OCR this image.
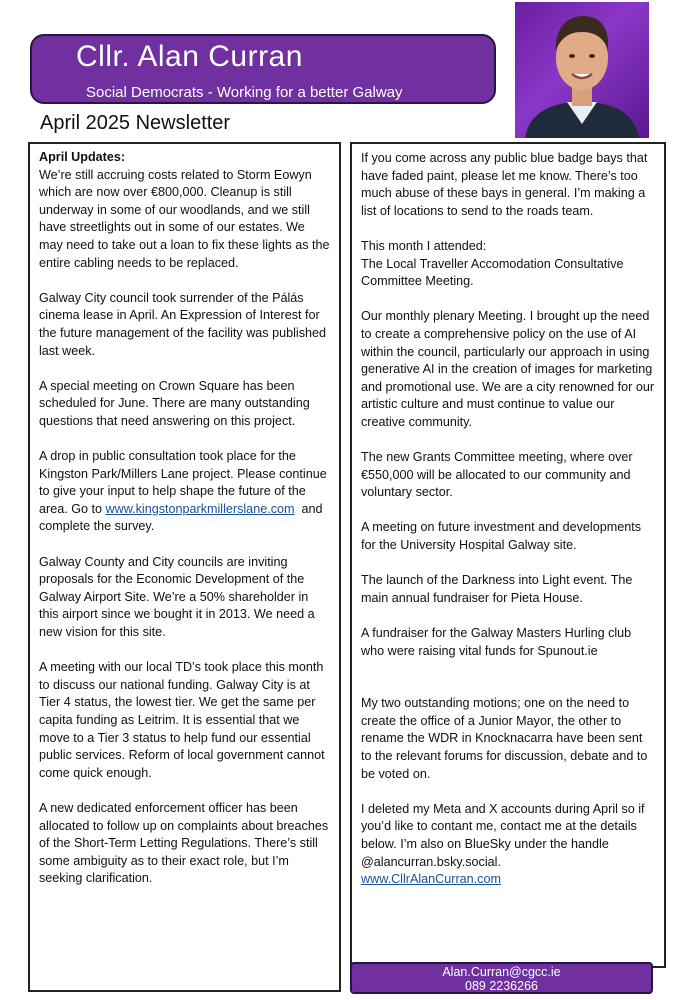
Cllr. Alan Curran
Social Democrats - Working for a better Galway
April 2025 Newsletter

April Updates:
We’re still accruing costs related to Storm Eowyn which are now over €800,000. Cleanup is still underway in some of our woodlands, and we still have streetlights out in some of our estates. We may need to take out a loan to fix these lights as the entire cabling needs to be replaced.

Galway City council took surrender of the Pálás cinema lease in April. An Expression of Interest for the future management of the facility was published last week.

A special meeting on Crown Square has been scheduled for June. There are many outstanding questions that need answering on this project.

A drop in public consultation took place for the Kingston Park/Millers Lane project. Please continue to give your input to help shape the future of the area. Go to www.kingstonparkmillerslane.com and complete the survey.

Galway County and City councils are inviting proposals for the Economic Development of the Galway Airport Site. We’re a 50% shareholder in this airport since we bought it in 2013. We need a new vision for this site.

A meeting with our local TD’s took place this month to discuss our national funding. Galway City is at Tier 4 status, the lowest tier. We get the same per capita funding as Leitrim. It is essential that we move to a Tier 3 status to help fund our essential public services. Reform of local government cannot come quick enough.

A new dedicated enforcement officer has been allocated to follow up on complaints about breaches of the Short-Term Letting Regulations. There’s still some ambiguity as to their exact role, but I’m seeking clarification.

If you come across any public blue badge bays that have faded paint, please let me know. There’s too much abuse of these bays in general. I’m making a list of locations to send to the roads team.

This month I attended:
The Local Traveller Accomodation Consultative Committee Meeting.

Our monthly plenary Meeting. I brought up the need to create a comprehensive policy on the use of AI within the council, particularly our approach in using generative AI in the creation of images for marketing and promotional use. We are a city renowned for our artistic culture and must continue to value our creative community.

The new Grants Committee meeting, where over €550,000 will be allocated to our community and voluntary sector.

A meeting on future investment and developments for the University Hospital Galway site.

The launch of the Darkness into Light event. The main annual fundraiser for Pieta House.

A fundraiser for the Galway Masters Hurling club who were raising vital funds for Spunout.ie

My two outstanding motions; one on the need to create the office of a Junior Mayor, the other to rename the WDR in Knocknacarra have been sent to the relevant forums for discussion, debate and to be voted on.

I deleted my Meta and X accounts during April so if you’d like to contant me, contact me at the details below. I’m also on BlueSky under the handle @alancurran.bsky.social.
www.CllrAlanCurran.com

Alan.Curran@cgcc.ie
089 2236266
